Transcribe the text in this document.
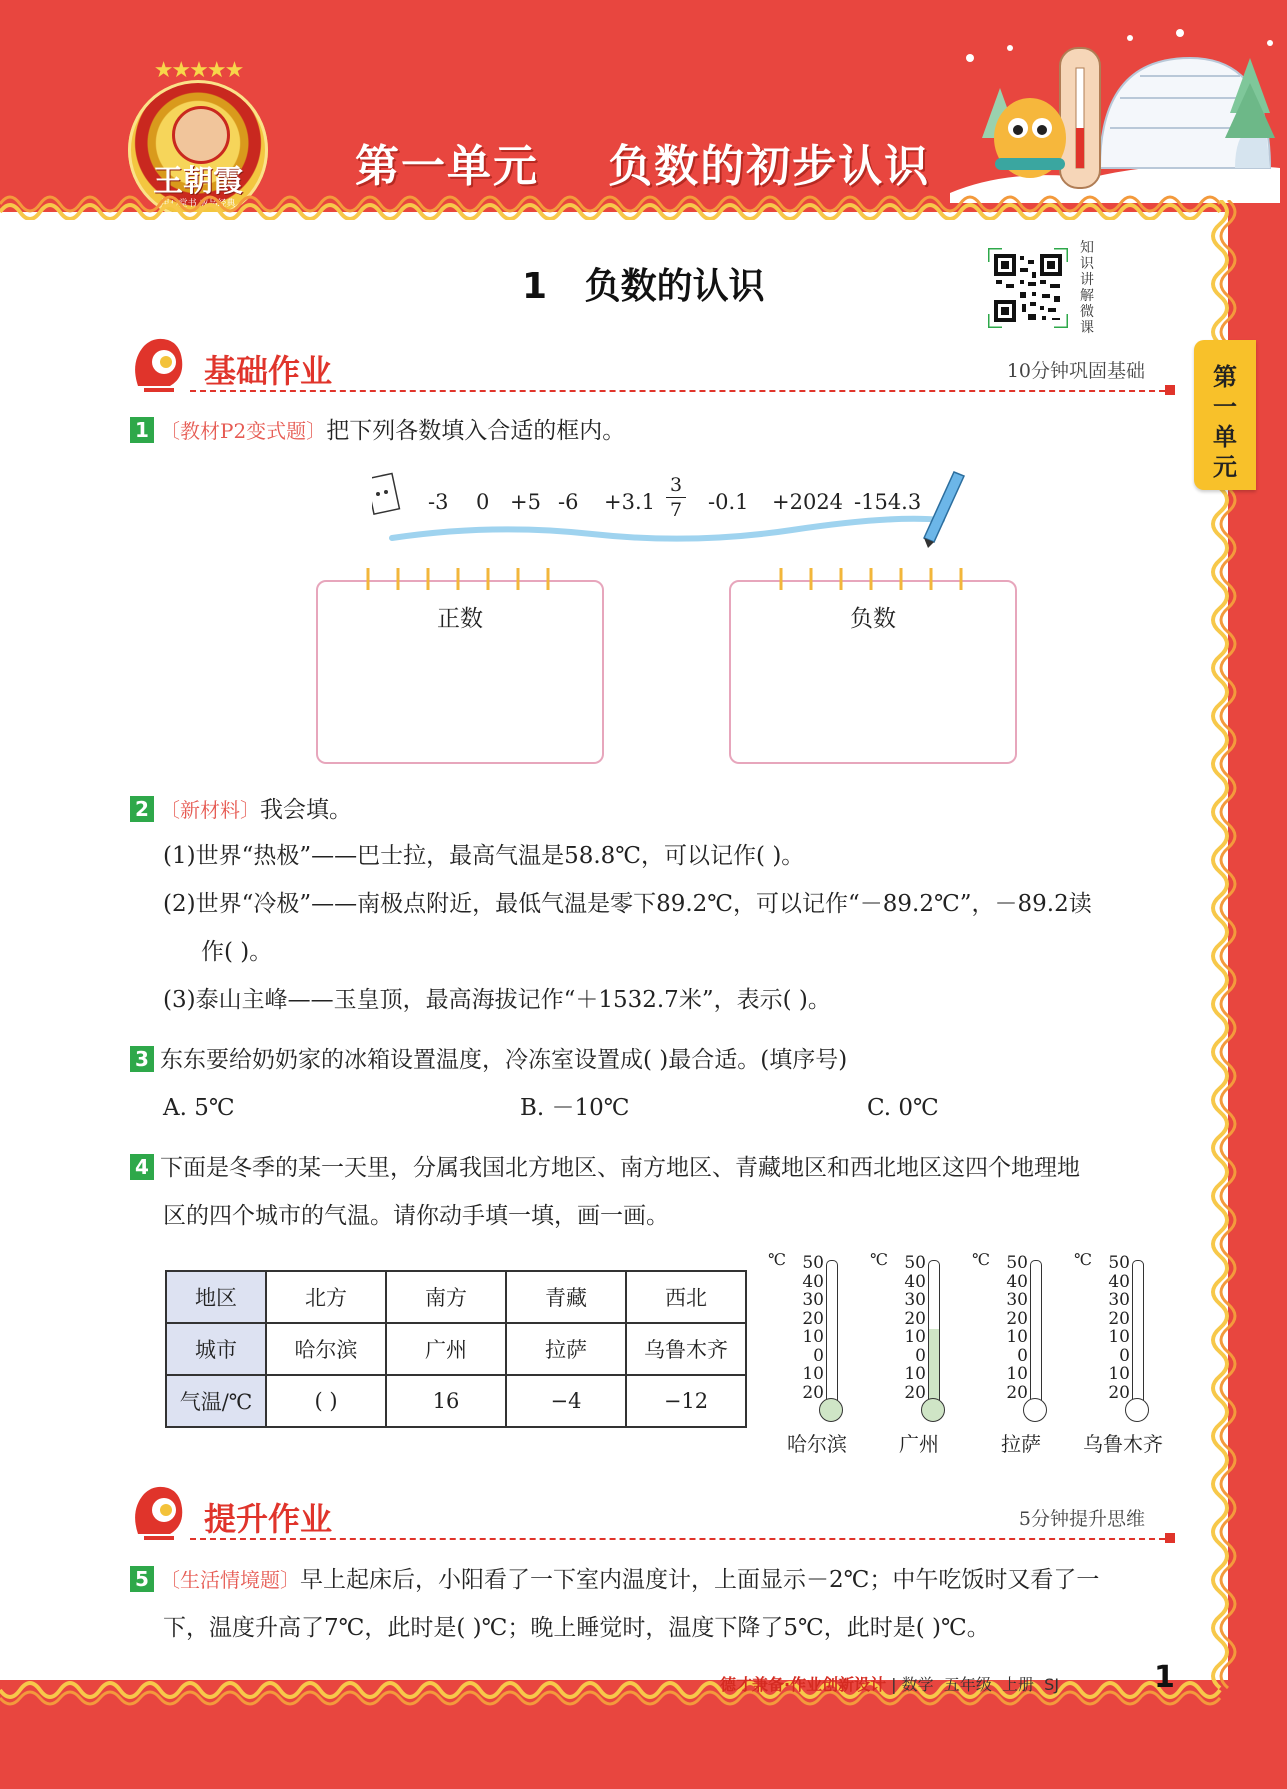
★★★★★
王朝霞
用心堂书 成品经典
第一单元    负数的初步认识
第一单元
1   负数的认识
知识讲解微课
基础作业	10分钟巩固基础
1 〔教材P2变式题〕把下列各数填入合适的框内。
-3 0 +5 -6 +3.1
3
7 -0.1 +2024 -154.3
正数	负数
2 〔新材料〕我会填。
(1)世界“热极”——巴士拉，最高气温是58.8℃，可以记作( )。
(2)世界“冷极”——南极点附近，最低气温是零下89.2℃，可以记作“－89.2℃”，－89.2读
作( )。
(3)泰山主峰——玉皇顶，最高海拔记作“＋1532.7米”，表示( )。
3 东东要给奶奶家的冰箱设置温度，冷冻室设置成( )最合适。(填序号)
A. 5℃	B. －10℃	C. 0℃
4 下面是冬季的某一天里，分属我国北方地区、南方地区、青藏地区和西北地区这四个地理地
区的四个城市的气温。请你动手填一填，画一画。
地区	北方	南方	青藏	西北
城市	哈尔滨	广州	拉萨	乌鲁木齐
气温/℃	( )	16	−4	−12
℃ 50
40
30
20
10
0
10
20
哈尔滨
℃ 50
40
30
20
10
0
10
20
广州
℃ 50
40
30
20
10
0
10
20
拉萨
℃ 50
40
30
20
10
0
10
20
乌鲁木齐
提升作业	5分钟提升思维
5 〔生活情境题〕早上起床后，小阳看了一下室内温度计，上面显示－2℃；中午吃饭时又看了一
下，温度升高了7℃，此时是( )℃；晚上睡觉时，温度下降了5℃，此时是( )℃。
德才兼备·作业创新设计 | 数学  五年级  上册  SJ	1
